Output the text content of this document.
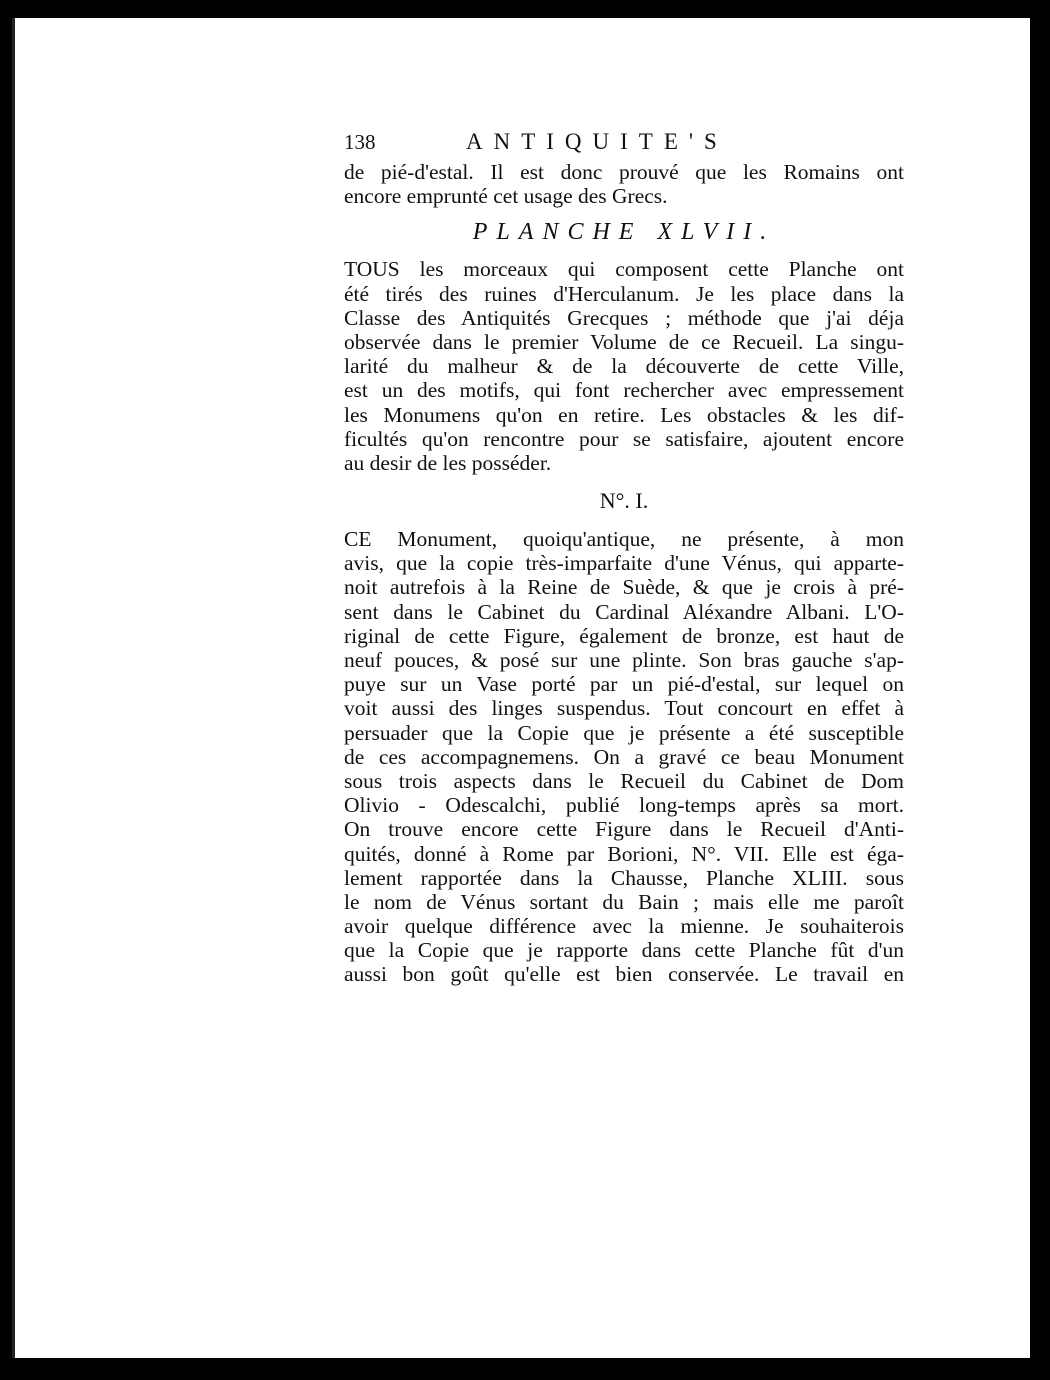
138	ANTIQUITE'S
de pié-d'estal. Il est donc prouvé que les Romains ont
encore emprunté cet usage des Grecs.
PLANCHE XLVII.
TOUS les morceaux qui composent cette Planche ont
été tirés des ruines d'Herculanum. Je les place dans la
Classe des Antiquités Grecques ; méthode que j'ai déja
observée dans le premier Volume de ce Recueil. La singu-
larité du malheur & de la découverte de cette Ville,
est un des motifs, qui font rechercher avec empressement
les Monumens qu'on en retire. Les obstacles & les dif-
ficultés qu'on rencontre pour se satisfaire, ajoutent encore
au desir de les posséder.
N°. I.
CE Monument, quoiqu'antique, ne présente, à mon
avis, que la copie très-imparfaite d'une Vénus, qui apparte-
noit autrefois à la Reine de Suède, & que je crois à pré-
sent dans le Cabinet du Cardinal Aléxandre Albani. L'O-
riginal de cette Figure, également de bronze, est haut de
neuf pouces, & posé sur une plinte. Son bras gauche s'ap-
puye sur un Vase porté par un pié-d'estal, sur lequel on
voit aussi des linges suspendus. Tout concourt en effet à
persuader que la Copie que je présente a été susceptible
de ces accompagnemens. On a gravé ce beau Monument
sous trois aspects dans le Recueil du Cabinet de Dom
Olivio - Odescalchi, publié long-temps après sa mort.
On trouve encore cette Figure dans le Recueil d'Anti-
quités, donné à Rome par Borioni, N°. VII. Elle est éga-
lement rapportée dans la Chausse, Planche XLIII. sous
le nom de Vénus sortant du Bain ; mais elle me paroît
avoir quelque différence avec la mienne. Je souhaiterois
que la Copie que je rapporte dans cette Planche fût d'un
aussi bon goût qu'elle est bien conservée. Le travail en
